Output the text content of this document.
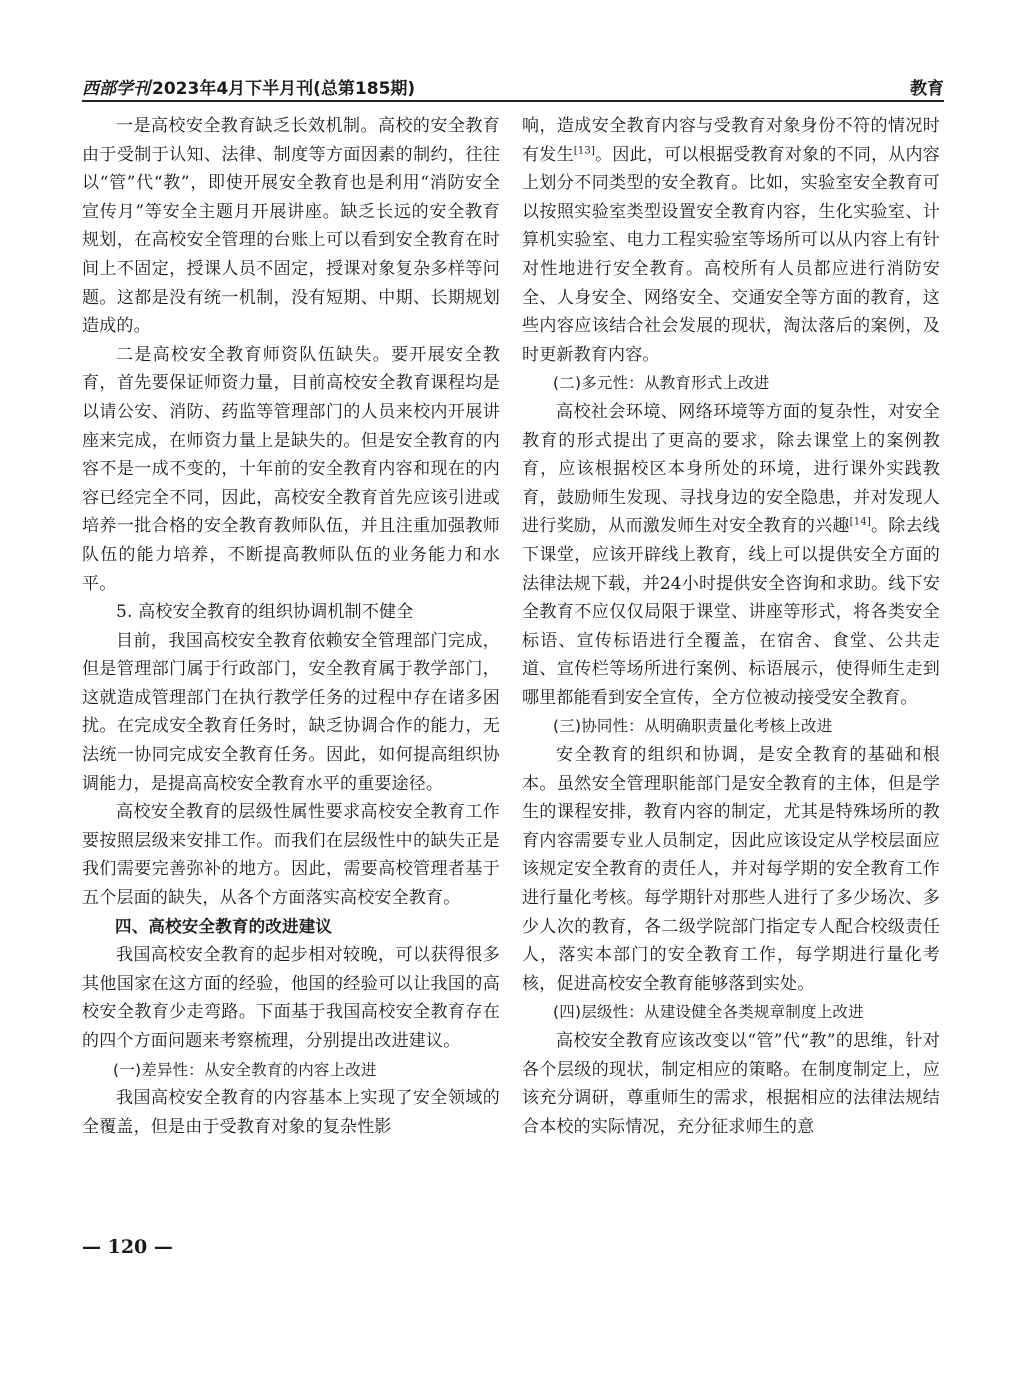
西部学刊 2023年4月下半月刊(总第185期)	教育

一是高校安全教育缺乏长效机制。高校的安全教育由于受制于认知、法律、制度等方面因素的制约，往往以“管”代“教”，即使开展安全教育也是利用“消防安全宣传月”等安全主题月开展讲座。缺乏长远的安全教育规划，在高校安全管理的台账上可以看到安全教育在时间上不固定，授课人员不固定，授课对象复杂多样等问题。这都是没有统一机制，没有短期、中期、长期规划造成的。

二是高校安全教育师资队伍缺失。要开展安全教育，首先要保证师资力量，目前高校安全教育课程均是以请公安、消防、药监等管理部门的人员来校内开展讲座来完成，在师资力量上是缺失的。但是安全教育的内容不是一成不变的，十年前的安全教育内容和现在的内容已经完全不同，因此，高校安全教育首先应该引进或培养一批合格的安全教育教师队伍，并且注重加强教师队伍的能力培养，不断提高教师队伍的业务能力和水平。

5. 高校安全教育的组织协调机制不健全

目前，我国高校安全教育依赖安全管理部门完成，但是管理部门属于行政部门，安全教育属于教学部门，这就造成管理部门在执行教学任务的过程中存在诸多困扰。在完成安全教育任务时，缺乏协调合作的能力，无法统一协同完成安全教育任务。因此，如何提高组织协调能力，是提高高校安全教育水平的重要途径。

高校安全教育的层级性属性要求高校安全教育工作要按照层级来安排工作。而我们在层级性中的缺失正是我们需要完善弥补的地方。因此，需要高校管理者基于五个层面的缺失，从各个方面落实高校安全教育。

四、高校安全教育的改进建议

我国高校安全教育的起步相对较晚，可以获得很多其他国家在这方面的经验，他国的经验可以让我国的高校安全教育少走弯路。下面基于我国高校安全教育存在的四个方面问题来考察梳理，分别提出改进建议。

(一)差异性：从安全教育的内容上改进

我国高校安全教育的内容基本上实现了安全领域的全覆盖，但是由于受教育对象的复杂性影

响，造成安全教育内容与受教育对象身份不符的情况时有发生[13]。因此，可以根据受教育对象的不同，从内容上划分不同类型的安全教育。比如，实验室安全教育可以按照实验室类型设置安全教育内容，生化实验室、计算机实验室、电力工程实验室等场所可以从内容上有针对性地进行安全教育。高校所有人员都应进行消防安全、人身安全、网络安全、交通安全等方面的教育，这些内容应该结合社会发展的现状，淘汰落后的案例，及时更新教育内容。

(二)多元性：从教育形式上改进

高校社会环境、网络环境等方面的复杂性，对安全教育的形式提出了更高的要求，除去课堂上的案例教育，应该根据校区本身所处的环境，进行课外实践教育，鼓励师生发现、寻找身边的安全隐患，并对发现人进行奖励，从而激发师生对安全教育的兴趣[14]。除去线下课堂，应该开辟线上教育，线上可以提供安全方面的法律法规下载，并24小时提供安全咨询和求助。线下安全教育不应仅仅局限于课堂、讲座等形式，将各类安全标语、宣传标语进行全覆盖，在宿舍、食堂、公共走道、宣传栏等场所进行案例、标语展示，使得师生走到哪里都能看到安全宣传，全方位被动接受安全教育。

(三)协同性：从明确职责量化考核上改进

安全教育的组织和协调，是安全教育的基础和根本。虽然安全管理职能部门是安全教育的主体，但是学生的课程安排，教育内容的制定，尤其是特殊场所的教育内容需要专业人员制定，因此应该设定从学校层面应该规定安全教育的责任人，并对每学期的安全教育工作进行量化考核。每学期针对那些人进行了多少场次、多少人次的教育，各二级学院部门指定专人配合校级责任人，落实本部门的安全教育工作，每学期进行量化考核，促进高校安全教育能够落到实处。

(四)层级性：从建设健全各类规章制度上改进

高校安全教育应该改变以“管”代“教”的思维，针对各个层级的现状，制定相应的策略。在制度制定上，应该充分调研，尊重师生的需求，根据相应的法律法规结合本校的实际情况，充分征求师生的意

— 120 —
